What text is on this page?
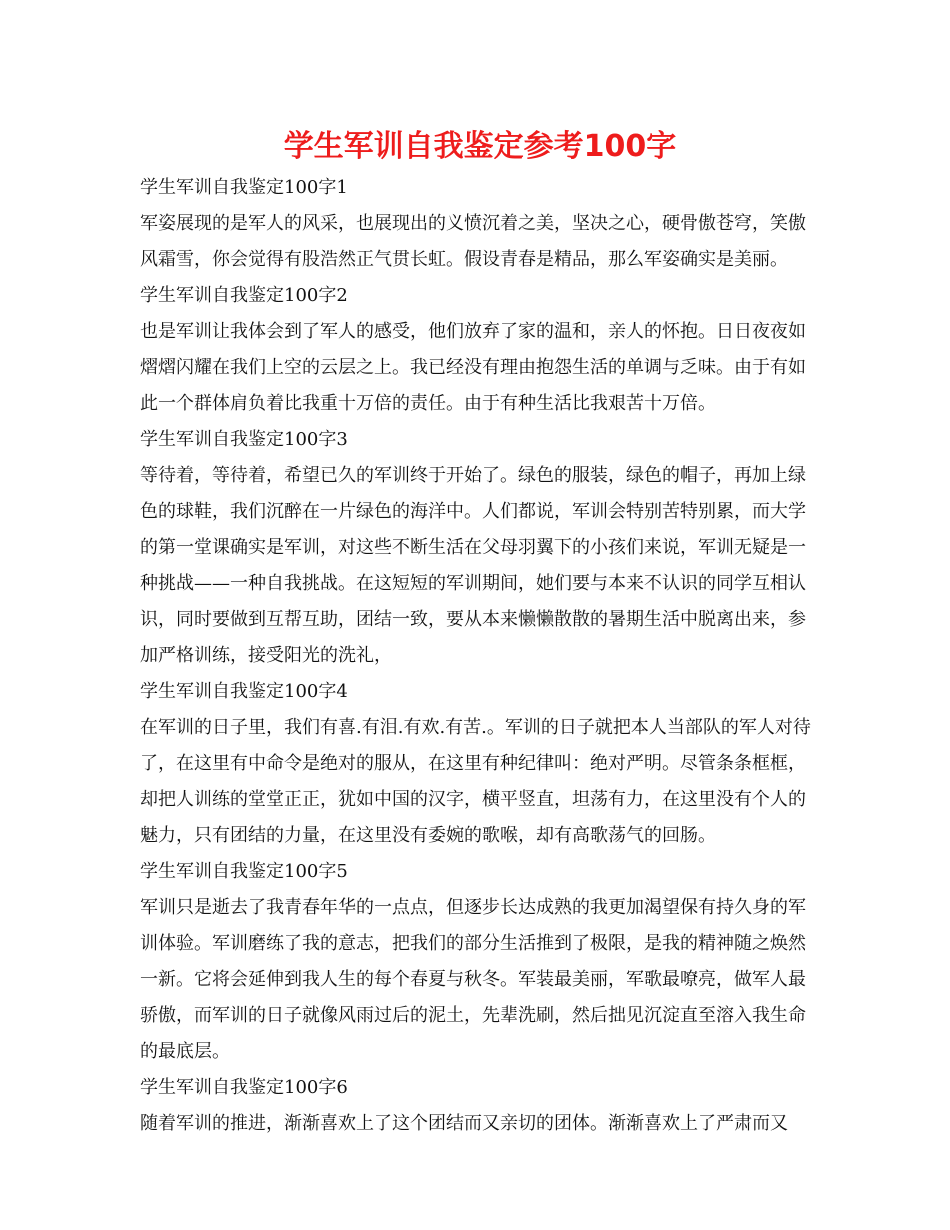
学生军训自我鉴定参考100字

学生军训自我鉴定100字1

军姿展现的是军人的风采，也展现出的义愤沉着之美，坚决之心，硬骨傲苍穹，笑傲风霜雪，你会觉得有股浩然正气贯长虹。假设青春是精品，那么军姿确实是美丽。

学生军训自我鉴定100字2

也是军训让我体会到了军人的感受，他们放弃了家的温和，亲人的怀抱。日日夜夜如熠熠闪耀在我们上空的云层之上。我已经没有理由抱怨生活的单调与乏味。由于有如此一个群体肩负着比我重十万倍的责任。由于有种生活比我艰苦十万倍。

学生军训自我鉴定100字3

等待着，等待着，希望已久的军训终于开始了。绿色的服装，绿色的帽子，再加上绿色的球鞋，我们沉醉在一片绿色的海洋中。人们都说，军训会特别苦特别累，而大学的第一堂课确实是军训，对这些不断生活在父母羽翼下的小孩们来说，军训无疑是一种挑战——一种自我挑战。在这短短的军训期间，她们要与本来不认识的同学互相认识，同时要做到互帮互助，团结一致，要从本来懒懒散散的暑期生活中脱离出来，参加严格训练，接受阳光的洗礼，

学生军训自我鉴定100字4

在军训的日子里，我们有喜.有泪.有欢.有苦.。军训的日子就把本人当部队的军人对待了，在这里有中命令是绝对的服从，在这里有种纪律叫：绝对严明。尽管条条框框，却把人训练的堂堂正正，犹如中国的汉字，横平竖直，坦荡有力，在这里没有个人的魅力，只有团结的力量，在这里没有委婉的歌喉，却有高歌荡气的回肠。

学生军训自我鉴定100字5

军训只是逝去了我青春年华的一点点，但逐步长达成熟的我更加渴望保有持久身的军训体验。军训磨练了我的意志，把我们的部分生活推到了极限，是我的精神随之焕然一新。它将会延伸到我人生的每个春夏与秋冬。军装最美丽，军歌最嘹亮，做军人最骄傲，而军训的日子就像风雨过后的泥土，先辈洗刷，然后拙见沉淀直至溶入我生命的最底层。

学生军训自我鉴定100字6

随着军训的推进，渐渐喜欢上了这个团结而又亲切的团体。渐渐喜欢上了严肃而又
